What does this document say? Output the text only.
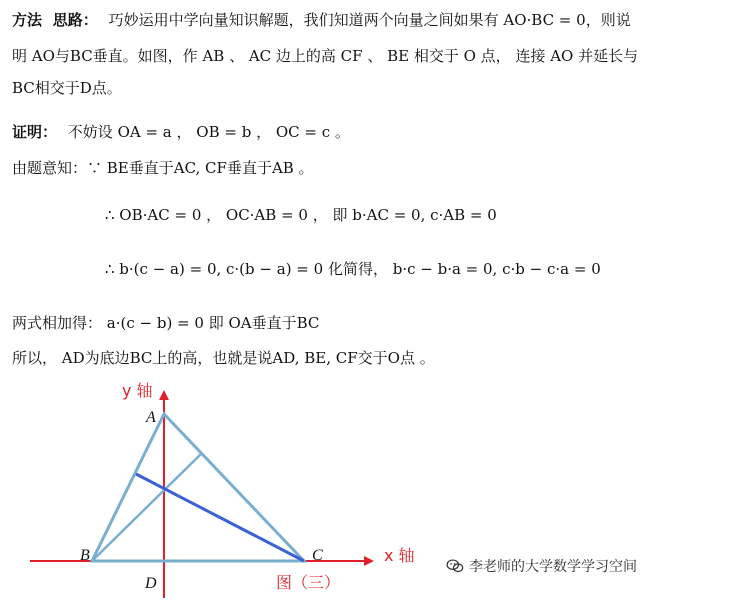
方法 思路： 巧妙运用中学向量知识解题，我们知道两个向量之间如果有 AO·BC = 0，则说
明 AO与BC垂直。如图，作 AB 、 AC 边上的高 CF 、 BE 相交于 O 点， 连接 AO 并延长与
BC相交于D点。
证明： 不妨设 OA = a ， OB = b ， OC = c 。
由题意知：∵ BE垂直于AC, CF垂直于AB 。
∴ OB·AC = 0 ， OC·AB = 0 ， 即 b·AC = 0, c·AB = 0
∴ b·(c − a) = 0, c·(b − a) = 0 化简得， b·c − b·a = 0, c·b − c·a = 0
两式相加得： a·(c − b) = 0 即 OA垂直于BC
所以， AD为底边BC上的高，也就是说AD, BE, CF交于O点 。
y 轴
x 轴
A
B	C
D	图（三）
李老师的大学数学学习空间
